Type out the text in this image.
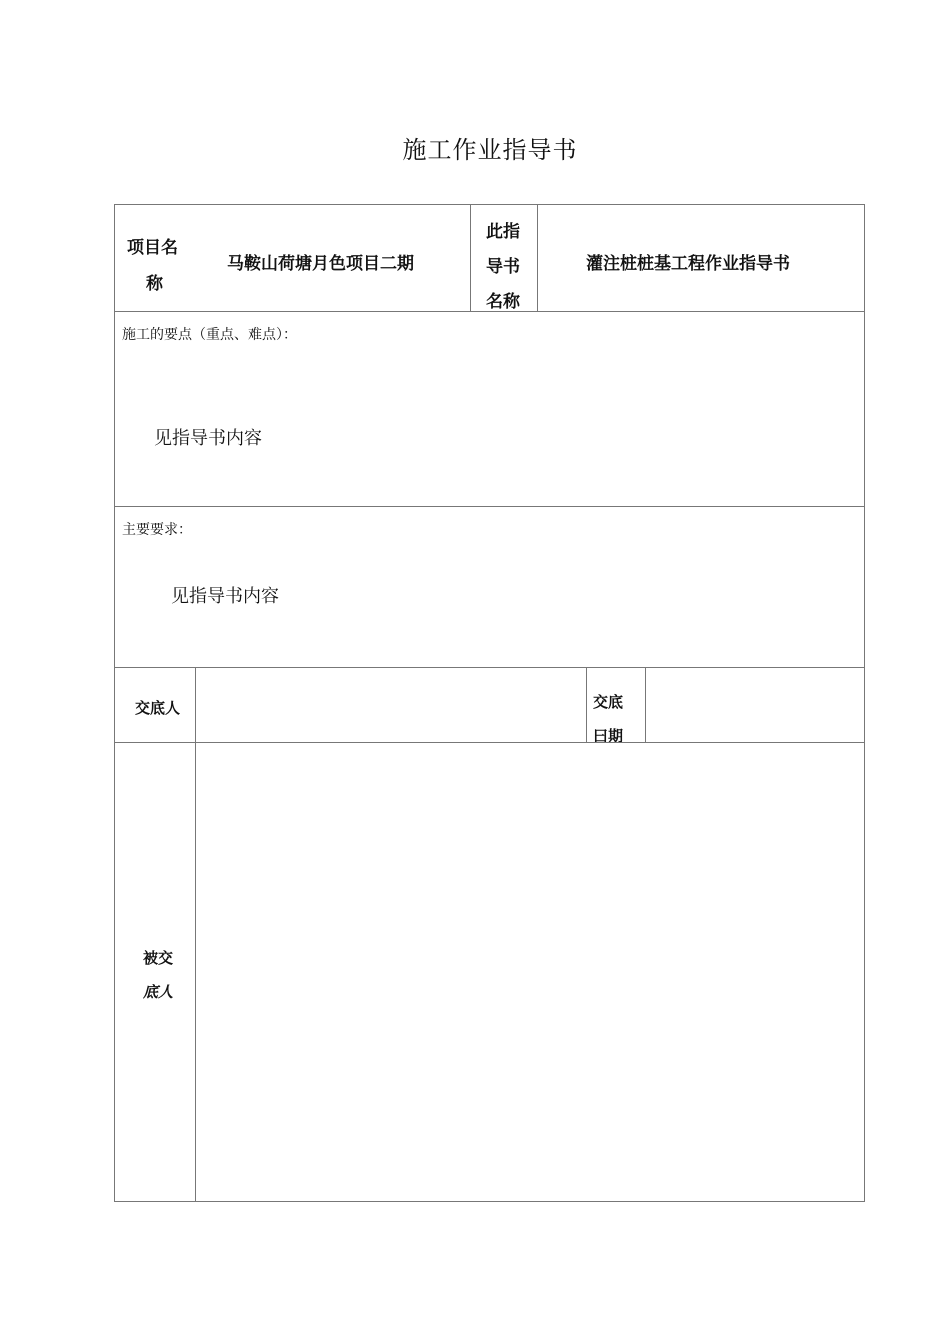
施工作业指导书
项目名
称
马鞍山荷塘月色项目二期
此指
导书
名称
灌注桩桩基工程作业指导书
施工的要点（重点、难点）：
见指导书内容
主要要求：
见指导书内容
交底人	交底
曰期
被交
底人
